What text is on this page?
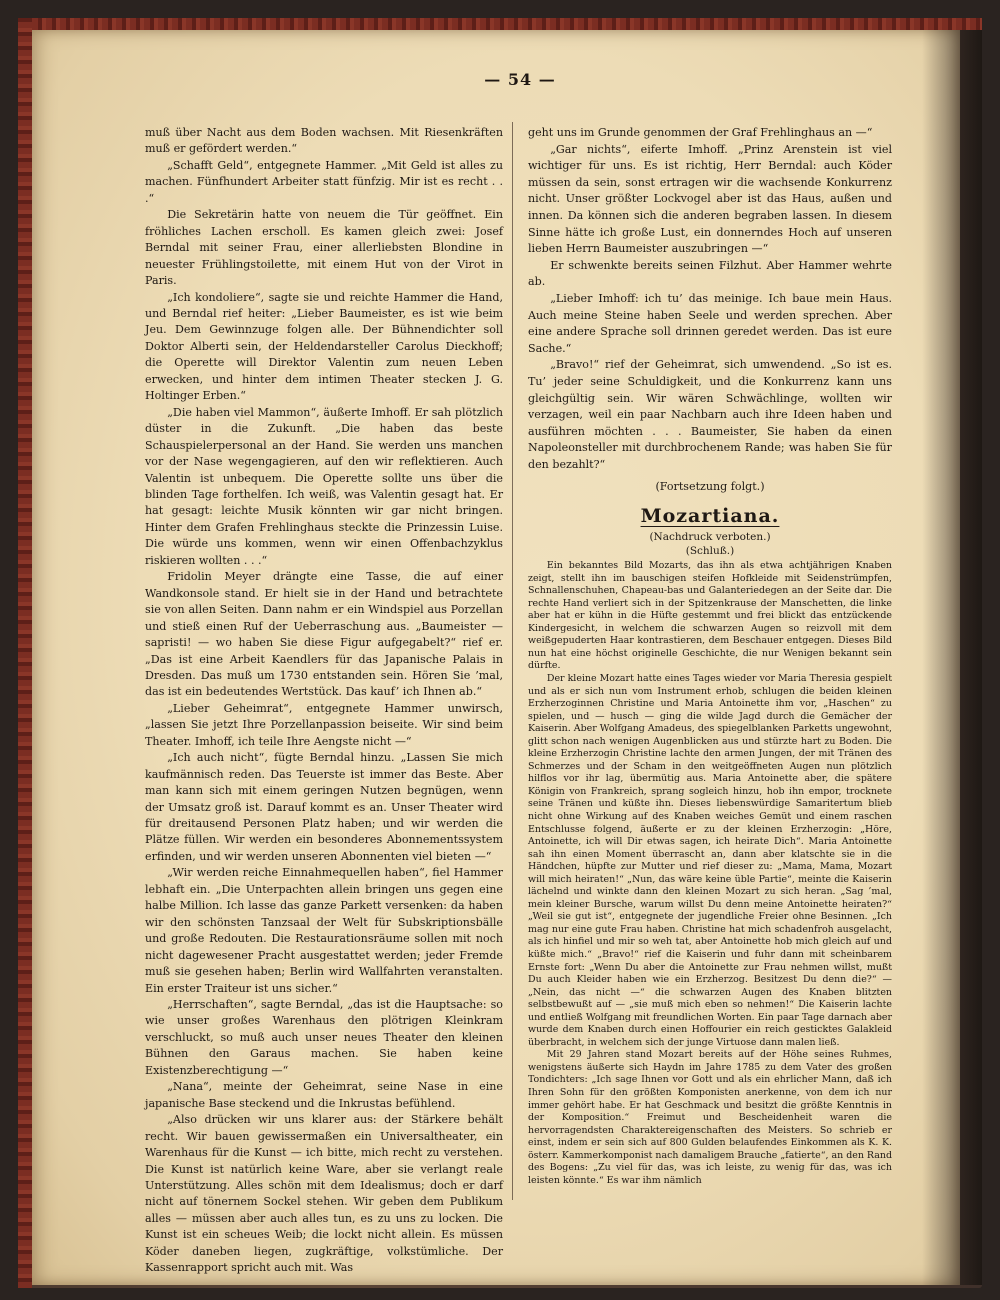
— 54 —

muß über Nacht aus dem Boden wachsen. Mit Riesenkräften muß er gefördert werden.“

„Schafft Geld“, entgegnete Hammer. „Mit Geld ist alles zu machen. Fünfhundert Arbeiter statt fünfzig. Mir ist es recht . . .“

Die Sekretärin hatte von neuem die Tür geöffnet. Ein fröhliches Lachen erscholl. Es kamen gleich zwei: Josef Berndal mit seiner Frau, einer allerliebsten Blondine in neuester Frühlingstoilette, mit einem Hut von der Virot in Paris.

„Ich kondoliere“, sagte sie und reichte Hammer die Hand, und Berndal rief heiter: „Lieber Baumeister, es ist wie beim Jeu. Dem Gewinnzuge folgen alle. Der Bühnendichter soll Doktor Alberti sein, der Heldendarsteller Carolus Dieckhoff; die Operette will Direktor Valentin zum neuen Leben erwecken, und hinter dem intimen Theater stecken J. G. Holtinger Erben.“

„Die haben viel Mammon“, äußerte Imhoff. Er sah plötzlich düster in die Zukunft. „Die haben das beste Schauspielerpersonal an der Hand. Sie werden uns manchen vor der Nase wegengagieren, auf den wir reflektieren. Auch Valentin ist unbequem. Die Operette sollte uns über die blinden Tage forthelfen. Ich weiß, was Valentin gesagt hat. Er hat gesagt: leichte Musik könnten wir gar nicht bringen. Hinter dem Grafen Frehlinghaus steckte die Prinzessin Luise. Die würde uns kommen, wenn wir einen Offenbachzyklus riskieren wollten . . .“

Fridolin Meyer drängte eine Tasse, die auf einer Wandkonsole stand. Er hielt sie in der Hand und betrachtete sie von allen Seiten. Dann nahm er ein Windspiel aus Porzellan und stieß einen Ruf der Ueberraschung aus. „Baumeister — sapristi! — wo haben Sie diese Figur aufgegabelt?“ rief er. „Das ist eine Arbeit Kaendlers für das Japanische Palais in Dresden. Das muß um 1730 entstanden sein. Hören Sie ’mal, das ist ein bedeutendes Wertstück. Das kauf’ ich Ihnen ab.“

„Lieber Geheimrat“, entgegnete Hammer unwirsch, „lassen Sie jetzt Ihre Porzellanpassion beiseite. Wir sind beim Theater. Imhoff, ich teile Ihre Aengste nicht —“

„Ich auch nicht“, fügte Berndal hinzu. „Lassen Sie mich kaufmännisch reden. Das Teuerste ist immer das Beste. Aber man kann sich mit einem geringen Nutzen begnügen, wenn der Umsatz groß ist. Darauf kommt es an. Unser Theater wird für dreitausend Personen Platz haben; und wir werden die Plätze füllen. Wir werden ein besonderes Abonnementssystem erfinden, und wir werden unseren Abonnenten viel bieten —“

„Wir werden reiche Einnahmequellen haben“, fiel Hammer lebhaft ein. „Die Unterpachten allein bringen uns gegen eine halbe Million. Ich lasse das ganze Parkett versenken: da haben wir den schönsten Tanzsaal der Welt für Subskriptionsbälle und große Redouten. Die Restaurationsräume sollen mit noch nicht dagewesener Pracht ausgestattet werden; jeder Fremde muß sie gesehen haben; Berlin wird Wallfahrten veranstalten. Ein erster Traiteur ist uns sicher.“

„Herrschaften“, sagte Berndal, „das ist die Hauptsache: so wie unser großes Warenhaus den plötrigen Kleinkram verschluckt, so muß auch unser neues Theater den kleinen Bühnen den Garaus machen. Sie haben keine Existenzberechtigung —“

„Nana“, meinte der Geheimrat, seine Nase in eine japanische Base steckend und die Inkrustas befühlend.

„Also drücken wir uns klarer aus: der Stärkere behält recht. Wir bauen gewissermaßen ein Universaltheater, ein Warenhaus für die Kunst — ich bitte, mich recht zu verstehen. Die Kunst ist natürlich keine Ware, aber sie verlangt reale Unterstützung. Alles schön mit dem Idealismus; doch er darf nicht auf tönernem Sockel stehen. Wir geben dem Publikum alles — müssen aber auch alles tun, es zu uns zu locken. Die Kunst ist ein scheues Weib; die lockt nicht allein. Es müssen Köder daneben liegen, zugkräftige, volkstümliche. Der Kassenrapport spricht auch mit. Was

geht uns im Grunde genommen der Graf Frehlinghaus an —“

„Gar nichts“, eiferte Imhoff. „Prinz Arenstein ist viel wichtiger für uns. Es ist richtig, Herr Berndal: auch Köder müssen da sein, sonst ertragen wir die wachsende Konkurrenz nicht. Unser größter Lockvogel aber ist das Haus, außen und innen. Da können sich die anderen begraben lassen. In diesem Sinne hätte ich große Lust, ein donnerndes Hoch auf unseren lieben Herrn Baumeister auszubringen —“

Er schwenkte bereits seinen Filzhut. Aber Hammer wehrte ab.

„Lieber Imhoff: ich tu’ das meinige. Ich baue mein Haus. Auch meine Steine haben Seele und werden sprechen. Aber eine andere Sprache soll drinnen geredet werden. Das ist eure Sache.“

„Bravo!“ rief der Geheimrat, sich umwendend. „So ist es. Tu’ jeder seine Schuldigkeit, und die Konkurrenz kann uns gleichgültig sein. Wir wären Schwächlinge, wollten wir verzagen, weil ein paar Nachbarn auch ihre Ideen haben und ausführen möchten . . . Baumeister, Sie haben da einen Napoleonsteller mit durchbrochenem Rande; was haben Sie für den bezahlt?“

(Fortsetzung folgt.)

Mozartiana.
(Nachdruck verboten.)
(Schluß.)

Ein bekanntes Bild Mozarts, das ihn als etwa achtjährigen Knaben zeigt, stellt ihn im bauschigen steifen Hofkleide mit Seidenstrümpfen, Schnallenschuhen, Chapeau-bas und Galanteriedegen an der Seite dar. Die rechte Hand verliert sich in der Spitzenkrause der Manschetten, die linke aber hat er kühn in die Hüfte gestemmt und frei blickt das entzückende Kindergesicht, in welchem die schwarzen Augen so reizvoll mit dem weißgepuderten Haar kontrastieren, dem Beschauer entgegen. Dieses Bild nun hat eine höchst originelle Geschichte, die nur Wenigen bekannt sein dürfte.

Der kleine Mozart hatte eines Tages wieder vor Maria Theresia gespielt und als er sich nun vom Instrument erhob, schlugen die beiden kleinen Erzherzoginnen Christine und Maria Antoinette ihm vor, „Haschen“ zu spielen, und — husch — ging die wilde Jagd durch die Gemächer der Kaiserin. Aber Wolfgang Amadeus, des spiegelblanken Parketts ungewohnt, glitt schon nach wenigen Augenblicken aus und stürzte hart zu Boden. Die kleine Erzherzogin Christine lachte den armen Jungen, der mit Tränen des Schmerzes und der Scham in den weitgeöffneten Augen nun plötzlich hilflos vor ihr lag, übermütig aus. Maria Antoinette aber, die spätere Königin von Frankreich, sprang sogleich hinzu, hob ihn empor, trocknete seine Tränen und küßte ihn. Dieses liebenswürdige Samaritertum blieb nicht ohne Wirkung auf des Knaben weiches Gemüt und einem raschen Entschlusse folgend, äußerte er zu der kleinen Erzherzogin: „Höre, Antoinette, ich will Dir etwas sagen, ich heirate Dich“. Maria Antoinette sah ihn einen Moment überrascht an, dann aber klatschte sie in die Händchen, hüpfte zur Mutter und rief dieser zu: „Mama, Mama, Mozart will mich heiraten!“ „Nun, das wäre keine üble Partie“, meinte die Kaiserin lächelnd und winkte dann den kleinen Mozart zu sich heran. „Sag ’mal, mein kleiner Bursche, warum willst Du denn meine Antoinette heiraten?“ „Weil sie gut ist“, entgegnete der jugendliche Freier ohne Besinnen. „Ich mag nur eine gute Frau haben. Christine hat mich schadenfroh ausgelacht, als ich hinfiel und mir so weh tat, aber Antoinette hob mich gleich auf und küßte mich.“ „Bravo!“ rief die Kaiserin und fuhr dann mit scheinbarem Ernste fort: „Wenn Du aber die Antoinette zur Frau nehmen willst, mußt Du auch Kleider haben wie ein Erzherzog. Besitzest Du denn die?“ — „Nein, das nicht —“ die schwarzen Augen des Knaben blitzten selbstbewußt auf — „sie muß mich eben so nehmen!“ Die Kaiserin lachte und entließ Wolfgang mit freundlichen Worten. Ein paar Tage darnach aber wurde dem Knaben durch einen Hoffourier ein reich gesticktes Galakleid überbracht, in welchem sich der junge Virtuose dann malen ließ.

Mit 29 Jahren stand Mozart bereits auf der Höhe seines Ruhmes, wenigstens äußerte sich Haydn im Jahre 1785 zu dem Vater des großen Tondichters: „Ich sage Ihnen vor Gott und als ein ehrlicher Mann, daß ich Ihren Sohn für den größten Komponisten anerkenne, von dem ich nur immer gehört habe. Er hat Geschmack und besitzt die größte Kenntnis in der Komposition.“ Freimut und Bescheidenheit waren die hervorragendsten Charaktereigenschaften des Meisters. So schrieb er einst, indem er sein sich auf 800 Gulden belaufendes Einkommen als K. K. österr. Kammerkomponist nach damaligem Brauche „fatierte“, an den Rand des Bogens: „Zu viel für das, was ich leiste, zu wenig für das, was ich leisten könnte.“ Es war ihm nämlich
